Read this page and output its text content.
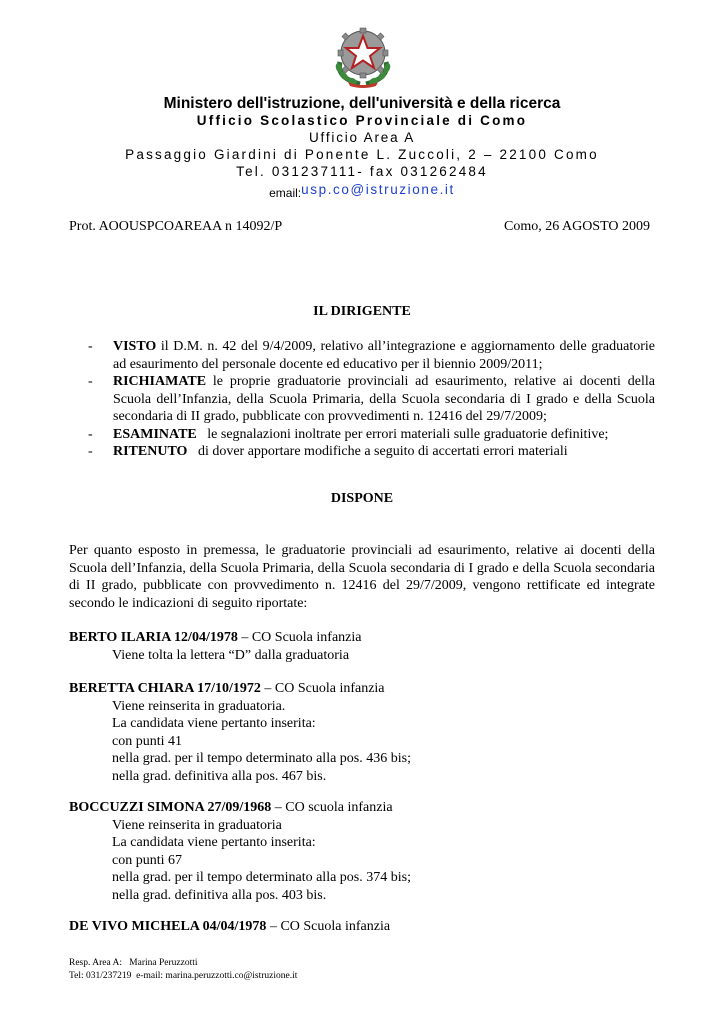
Ministero dell'istruzione, dell'università e della ricerca
Ufficio Scolastico Provinciale di Como
Ufficio Area A
Passaggio Giardini di Ponente L. Zuccoli, 2 – 22100 Como
Tel. 031237111- fax 031262484
email:usp.co@istruzione.it
Prot. AOOUSPCOAREAA n 14092/P	Como, 26 AGOSTO 2009
IL DIRIGENTE
- VISTO il D.M. n. 42 del 9/4/2009, relativo all’integrazione e aggiornamento delle graduatorie ad esaurimento del personale docente ed educativo per il biennio 2009/2011;
- RICHIAMATE le proprie graduatorie provinciali ad esaurimento, relative ai docenti della Scuola dell’Infanzia, della Scuola Primaria, della Scuola secondaria di I grado e della Scuola secondaria di II grado, pubblicate con provvedimenti n. 12416 del 29/7/2009;
- ESAMINATE   le segnalazioni inoltrate per errori materiali sulle graduatorie definitive;
- RITENUTO   di dover apportare modifiche a seguito di accertati errori materiali
DISPONE

Per quanto esposto in premessa, le graduatorie provinciali ad esaurimento, relative ai docenti della Scuola dell’Infanzia, della Scuola Primaria, della Scuola secondaria di I grado e della Scuola secondaria di II grado, pubblicate con provvedimento n. 12416 del 29/7/2009, vengono rettificate ed integrate secondo le indicazioni di seguito riportate:

BERTO ILARIA 12/04/1978 – CO Scuola infanzia
Viene tolta la lettera “D” dalla graduatoria
BERETTA CHIARA 17/10/1972 – CO Scuola infanzia
Viene reinserita in graduatoria.
La candidata viene pertanto inserita:
con punti 41
nella grad. per il tempo determinato alla pos. 436 bis;
nella grad. definitiva alla pos. 467 bis.
BOCCUZZI SIMONA 27/09/1968 – CO scuola infanzia
Viene reinserita in graduatoria
La candidata viene pertanto inserita:
con punti 67
nella grad. per il tempo determinato alla pos. 374 bis;
nella grad. definitiva alla pos. 403 bis.
DE VIVO MICHELA 04/04/1978 – CO Scuola infanzia
Resp. Area A:   Marina Peruzzotti
Tel: 031/237219  e-mail: marina.peruzzotti.co@istruzione.it
